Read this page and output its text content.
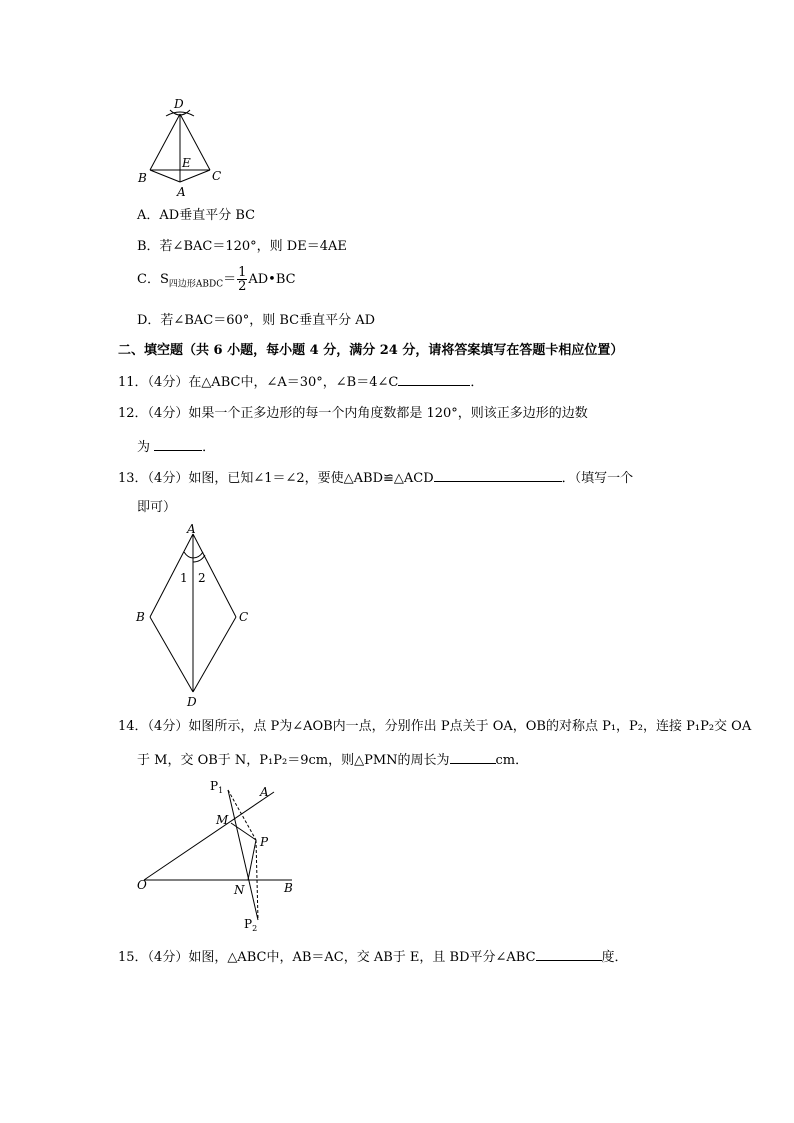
D
E
B	C
A
A．AD垂直平分 BC
B．若∠BAC＝120°，则 DE＝4AE
C．$S_{四边形ABDC}= \frac{1}{2}$ AD•BC
D．若∠BAC＝60°，则 BC垂直平分 AD
二、填空题（共 6 小题，每小题 4 分，满分 24 分，请将答案填写在答题卡相应位置）
11．（4分）在△ABC中，∠A＝30°，∠B＝4∠C	．
12．（4分）如果一个正多边形的每一个内角度数都是 120°，则该正多边形的边数
为	．
13．（4分）如图，已知∠1＝∠2，要使△ABD≌△ACD	．（填写一个
即可）
A
B	C
D
1 2
14．（4分）如图所示，点 P为∠AOB内一点，分别作出 P点关于 OA，OB的对称点 P₁，P₂，连接 P₁P₂交 OA
于 M，交 OB于 N，P₁P₂＝9cm，则△PMN的周长为	cm．
$P_1$	A
M
P
O	N	B
$P_2$
15．（4分）如图，△ABC中，AB＝AC，交 AB于 E，且 BD平分∠ABC	度．
